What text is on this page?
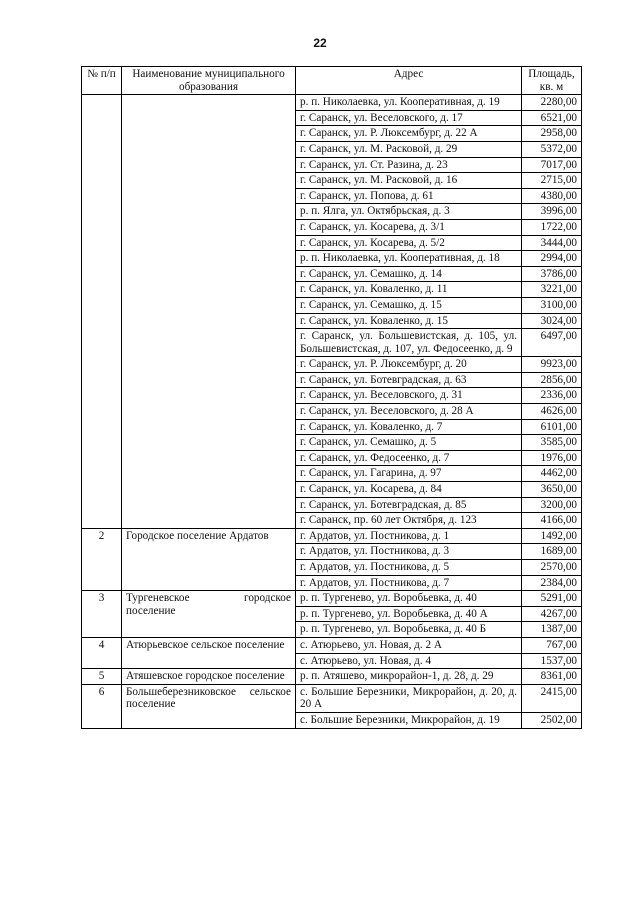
22
№ п/п	Наименование муниципального образования	Адрес	Площадь, кв. м
		р. п. Николаевка, ул. Кооперативная, д. 19	2280,00
		г. Саранск, ул. Веселовского, д. 17	6521,00
		г. Саранск, ул. Р. Люксембург, д. 22 А	2958,00
		г. Саранск, ул. М. Расковой, д. 29	5372,00
		г. Саранск, ул. Ст. Разина, д. 23	7017,00
		г. Саранск, ул. М. Расковой, д. 16	2715,00
		г. Саранск, ул. Попова, д. 61	4380,00
		р. п. Ялга, ул. Октябрьская, д. 3	3996,00
		г. Саранск, ул. Косарева, д. 3/1	1722,00
		г. Саранск, ул. Косарева, д. 5/2	3444,00
		р. п. Николаевка, ул. Кооперативная, д. 18	2994,00
		г. Саранск, ул. Семашко, д. 14	3786,00
		г. Саранск, ул. Коваленко, д. 11	3221,00
		г. Саранск, ул. Семашко, д. 15	3100,00
		г. Саранск, ул. Коваленко, д. 15	3024,00
		г. Саранск, ул. Большевистская, д. 105, ул. Большевистская, д. 107, ул. Федосеенко, д. 9	6497,00
		г. Саранск, ул. Р. Люксембург, д. 20	9923,00
		г. Саранск, ул. Ботевградская, д. 63	2856,00
		г. Саранск, ул. Веселовского, д. 31	2336,00
		г. Саранск, ул. Веселовского, д. 28 А	4626,00
		г. Саранск, ул. Коваленко, д. 7	6101,00
		г. Саранск, ул. Семашко, д. 5	3585,00
		г. Саранск, ул. Федосеенко, д. 7	1976,00
		г. Саранск, ул. Гагарина, д. 97	4462,00
		г. Саранск, ул. Косарева, д. 84	3650,00
		г. Саранск, ул. Ботевградская, д. 85	3200,00
		г. Саранск, пр. 60 лет Октября, д. 123	4166,00
2	Городское поселение Ардатов	г. Ардатов, ул. Постникова, д. 1	1492,00
		г. Ардатов, ул. Постникова, д. 3	1689,00
		г. Ардатов, ул. Постникова, д. 5	2570,00
		г. Ардатов, ул. Постникова, д. 7	2384,00
3	Тургеневское городское поселение	р. п. Тургенево, ул. Воробьевка, д. 40	5291,00
		р. п. Тургенево, ул. Воробьевка, д. 40 А	4267,00
		р. п. Тургенево, ул. Воробьевка, д. 40 Б	1387,00
4	Атюрьевское сельское поселение	с. Атюрьево, ул. Новая, д. 2 А	767,00
		с. Атюрьево, ул. Новая, д. 4	1537,00
5	Атяшевское городское поселение	р. п. Атяшево, микрорайон-1, д. 28, д. 29	8361,00
6	Большеберезниковское сельское поселение	с. Большие Березники, Микрорайон, д. 20, д. 20 А	2415,00
		с. Большие Березники, Микрорайон, д. 19	2502,00
